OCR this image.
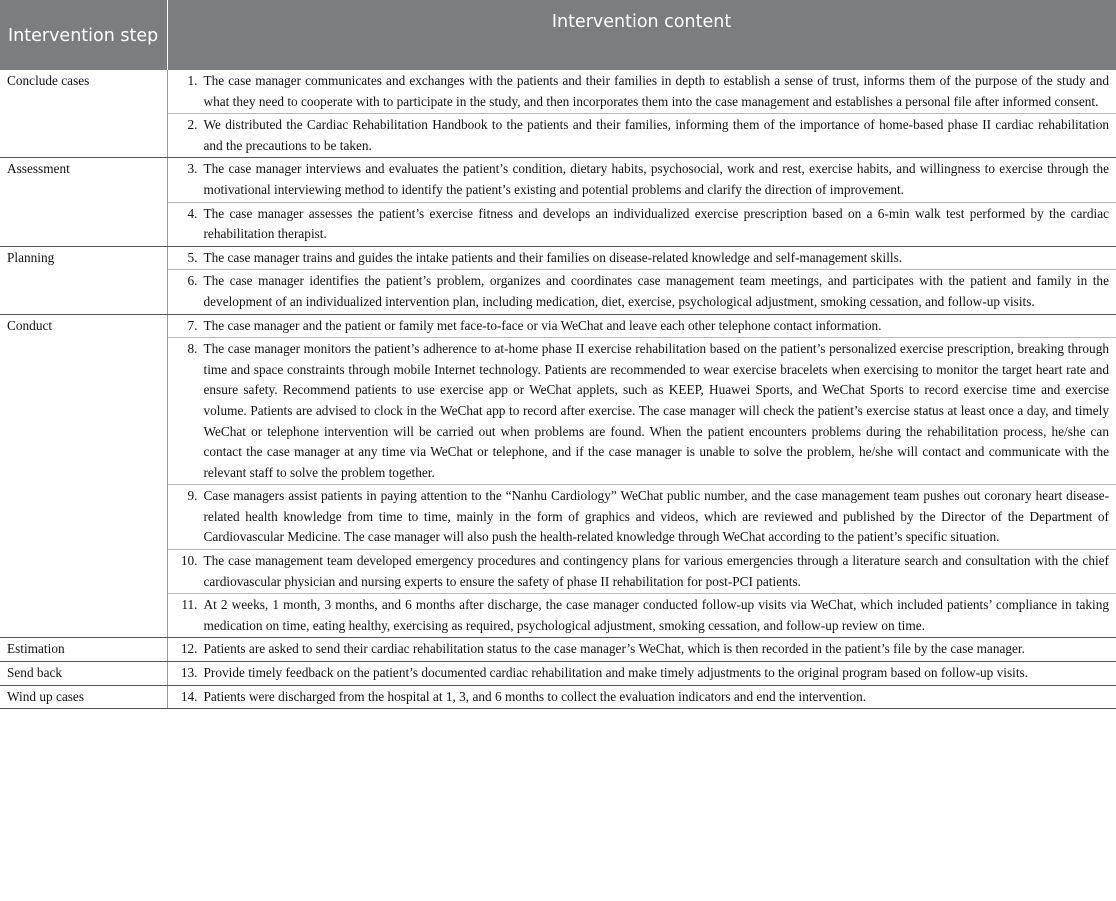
Intervention step	Intervention content
Conclude cases	1. The case manager communicates and exchanges with the patients and their families in depth to establish a sense of trust, informs them of the purpose of the study and what they need to cooperate with to participate in the study, and then incorporates them into the case management and establishes a personal file after informed consent.

	2. We distributed the Cardiac Rehabilitation Handbook to the patients and their families, informing them of the importance of home-based phase II cardiac rehabilitation and the precautions to be taken.

Assessment	3. The case manager interviews and evaluates the patient’s condition, dietary habits, psychosocial, work and rest, exercise habits, and willingness to exercise through the motivational interviewing method to identify the patient’s existing and potential problems and clarify the direction of improvement.

	4. The case manager assesses the patient’s exercise fitness and develops an individualized exercise prescription based on a 6-min walk test performed by the cardiac rehabilitation therapist.

Planning	5. The case manager trains and guides the intake patients and their families on disease-related knowledge and self-management skills.

	6. The case manager identifies the patient’s problem, organizes and coordinates case management team meetings, and participates with the patient and family in the development of an individualized intervention plan, including medication, diet, exercise, psychological adjustment, smoking cessation, and follow-up visits.

Conduct	7. The case manager and the patient or family met face-to-face or via WeChat and leave each other telephone contact information.

	8. The case manager monitors the patient’s adherence to at-home phase II exercise rehabilitation based on the patient’s personalized exercise prescription, breaking through time and space constraints through mobile Internet technology. Patients are recommended to wear exercise bracelets when exercising to monitor the target heart rate and ensure safety. Recommend patients to use exercise app or WeChat applets, such as KEEP, Huawei Sports, and WeChat Sports to record exercise time and exercise volume. Patients are advised to clock in the WeChat app to record after exercise. The case manager will check the patient’s exercise status at least once a day, and timely WeChat or telephone intervention will be carried out when problems are found. When the patient encounters problems during the rehabilitation process, he/she can contact the case manager at any time via WeChat or telephone, and if the case manager is unable to solve the problem, he/she will contact and communicate with the relevant staff to solve the problem together.

	9. Case managers assist patients in paying attention to the “Nanhu Cardiology” WeChat public number, and the case management team pushes out coronary heart disease-related health knowledge from time to time, mainly in the form of graphics and videos, which are reviewed and published by the Director of the Department of Cardiovascular Medicine. The case manager will also push the health-related knowledge through WeChat according to the patient’s specific situation.

	10. The case management team developed emergency procedures and contingency plans for various emergencies through a literature search and consultation with the chief cardiovascular physician and nursing experts to ensure the safety of phase II rehabilitation for post-PCI patients.

	11. At 2 weeks, 1 month, 3 months, and 6 months after discharge, the case manager conducted follow-up visits via WeChat, which included patients’ compliance in taking medication on time, eating healthy, exercising as required, psychological adjustment, smoking cessation, and follow-up review on time.

Estimation	12. Patients are asked to send their cardiac rehabilitation status to the case manager’s WeChat, which is then recorded in the patient’s file by the case manager.

Send back	13. Provide timely feedback on the patient’s documented cardiac rehabilitation and make timely adjustments to the original program based on follow-up visits.

Wind up cases	14. Patients were discharged from the hospital at 1, 3, and 6 months to collect the evaluation indicators and end the intervention.
